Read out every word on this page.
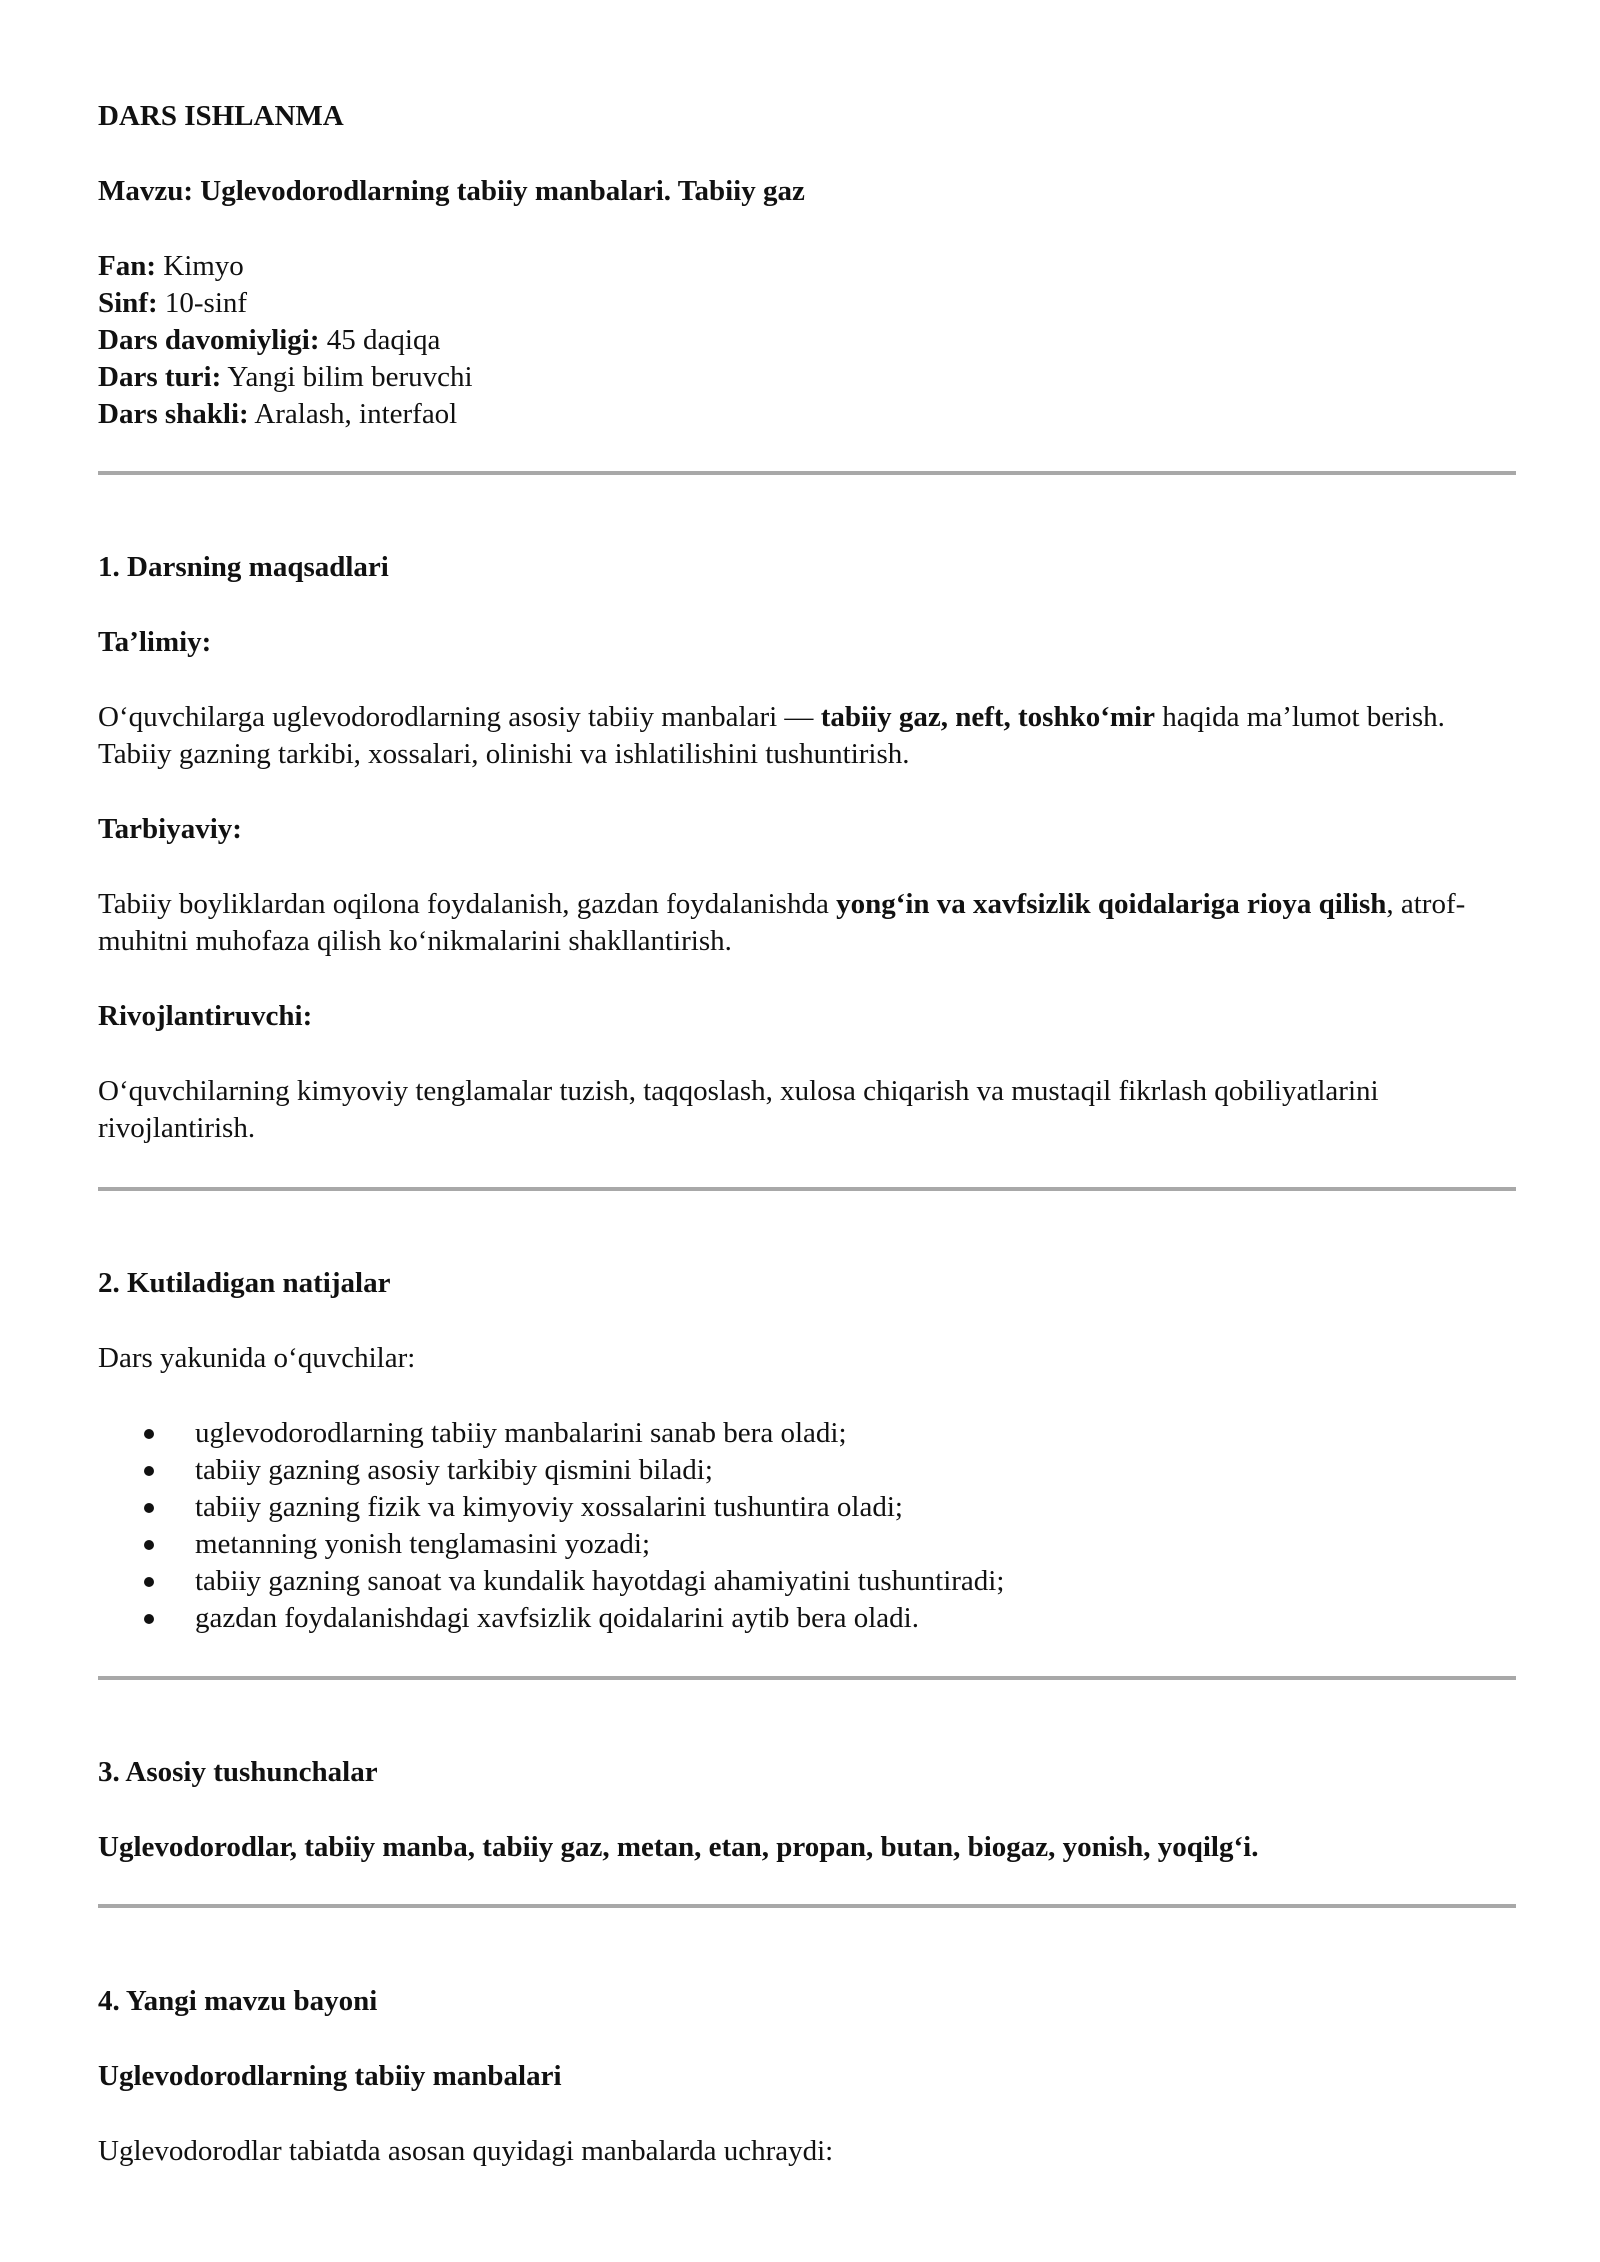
DARS ISHLANMA

Mavzu: Uglevodorodlarning tabiiy manbalari. Tabiiy gaz

Fan: Kimyo
Sinf: 10-sinf
Dars davomiyligi: 45 daqiqa
Dars turi: Yangi bilim beruvchi
Dars shakli: Aralash, interfaol

1. Darsning maqsadlari

Ta’limiy:

O‘quvchilarga uglevodorodlarning asosiy tabiiy manbalari — tabiiy gaz, neft, toshko‘mir haqida ma’lumot berish. Tabiiy gazning tarkibi, xossalari, olinishi va ishlatilishini tushuntirish.

Tarbiyaviy:

Tabiiy boyliklardan oqilona foydalanish, gazdan foydalanishda yong‘in va xavfsizlik qoidalariga rioya qilish, atrof-muhitni muhofaza qilish ko‘nikmalarini shakllantirish.

Rivojlantiruvchi:

O‘quvchilarning kimyoviy tenglamalar tuzish, taqqoslash, xulosa chiqarish va mustaqil fikrlash qobiliyatlarini rivojlantirish.

2. Kutiladigan natijalar

Dars yakunida o‘quvchilar:

uglevodorodlarning tabiiy manbalarini sanab bera oladi;
tabiiy gazning asosiy tarkibiy qismini biladi;
tabiiy gazning fizik va kimyoviy xossalarini tushuntira oladi;
metanning yonish tenglamasini yozadi;
tabiiy gazning sanoat va kundalik hayotdagi ahamiyatini tushuntiradi;
gazdan foydalanishdagi xavfsizlik qoidalarini aytib bera oladi.

3. Asosiy tushunchalar

Uglevodorodlar, tabiiy manba, tabiiy gaz, metan, etan, propan, butan, biogaz, yonish, yoqilg‘i.

4. Yangi mavzu bayoni

Uglevodorodlarning tabiiy manbalari

Uglevodorodlar tabiatda asosan quyidagi manbalarda uchraydi:
